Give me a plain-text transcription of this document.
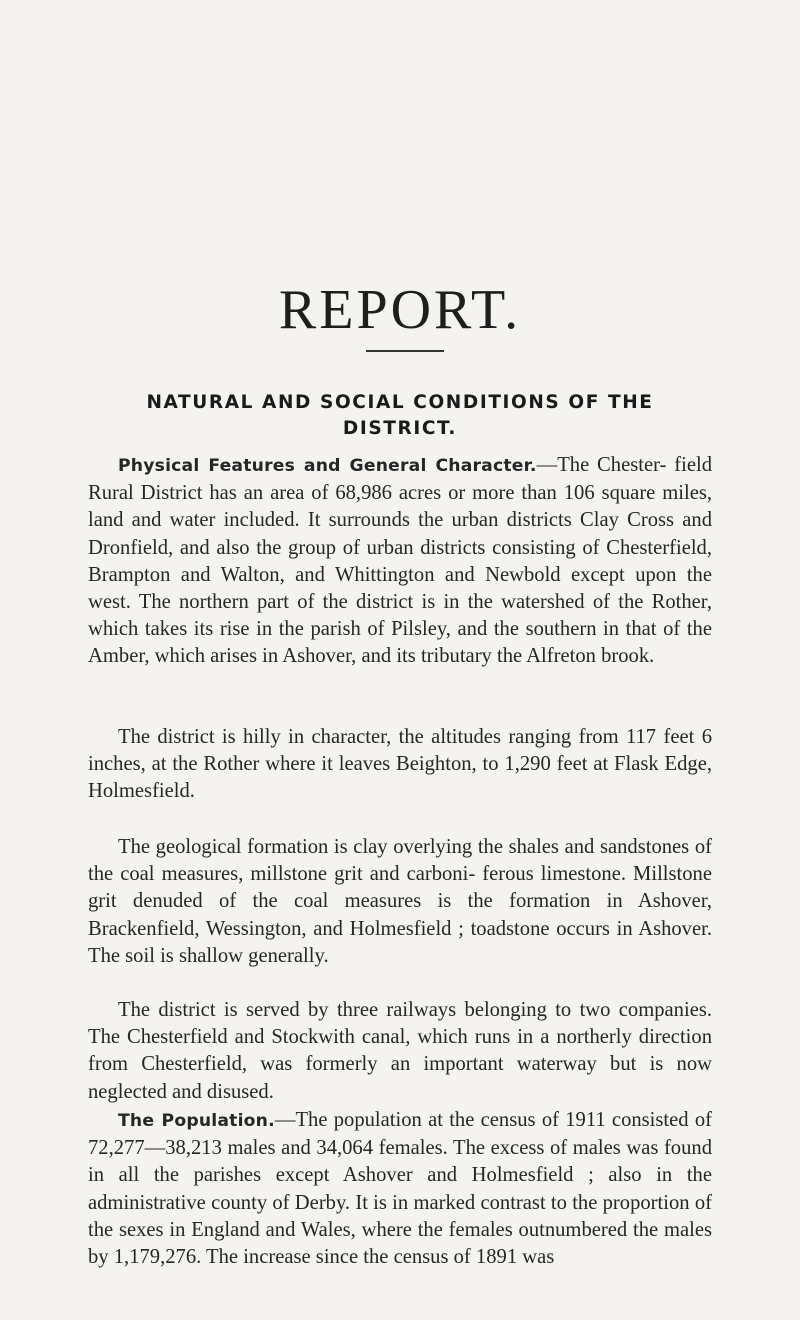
REPORT.
NATURAL AND SOCIAL CONDITIONS OF THE DISTRICT.
Physical Features and General Character.—The Chester- field Rural District has an area of 68,986 acres or more than 106 square miles, land and water included. It surrounds the urban districts Clay Cross and Dronfield, and also the group of urban districts consisting of Chesterfield, Brampton and Walton, and Whittington and Newbold except upon the west. The northern part of the district is in the watershed of the Rother, which takes its rise in the parish of Pilsley, and the southern in that of the Amber, which arises in Ashover, and its tributary the Alfreton brook.
The district is hilly in character, the altitudes ranging from 117 feet 6 inches, at the Rother where it leaves Beighton, to 1,290 feet at Flask Edge, Holmesfield.
The geological formation is clay overlying the shales and sandstones of the coal measures, millstone grit and carboni- ferous limestone. Millstone grit denuded of the coal measures is the formation in Ashover, Brackenfield, Wessington, and Holmesfield ; toadstone occurs in Ashover. The soil is shallow generally.
The district is served by three railways belonging to two companies. The Chesterfield and Stockwith canal, which runs in a northerly direction from Chesterfield, was formerly an important waterway but is now neglected and disused.
The Population.—The population at the census of 1911 consisted of 72,277—38,213 males and 34,064 females. The excess of males was found in all the parishes except Ashover and Holmesfield ; also in the administrative county of Derby. It is in marked contrast to the proportion of the sexes in England and Wales, where the females outnumbered the males by 1,179,276. The increase since the census of 1891 was
